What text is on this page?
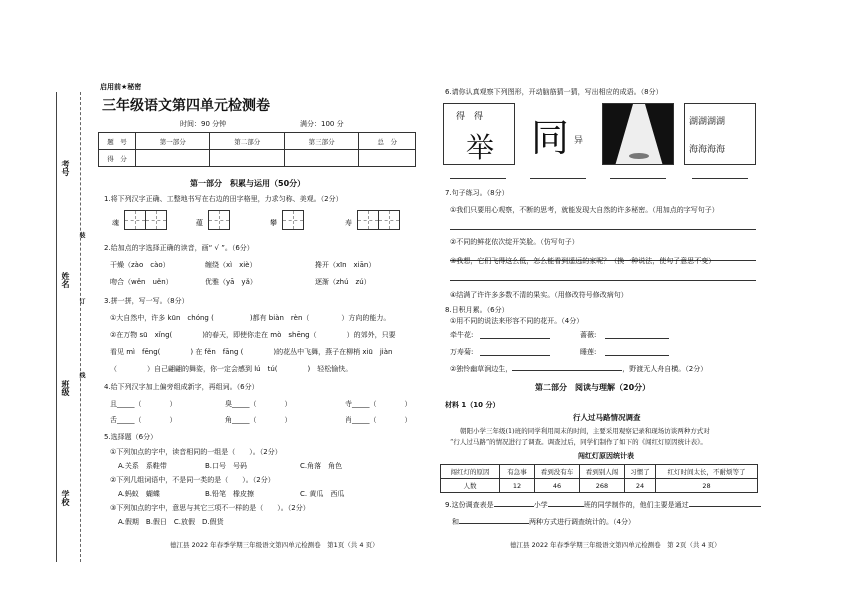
考号
姓名
班级
学校
装
订
线
启用前★秘密
三年级语文第四单元检测卷
时间：90 分钟	满分：100 分
题　号	第一部分	第二部分	第三部分	总　分
得　分				
第一部分　积累与运用（50分）
1.将下列汉字正确、工整地书写在右边的田字格里，力求匀称、美观。（2分）
魂	蕴	攀	寿
2.给加点的字选择正确的读音，画“ √ ”。（6分）
干燥（zào　cào）	缠绕（xì　xiè）	搀开（xīn　xiān）
吻合（wěn　uěn）	优雅（yā　yǎ）	逐渐（zhú　zú）
3.拼一拼，写一写。（8分）
①大自然中，许多 kūn　chóng (	)都有 biàn　rèn（	）方向的能力。
②在万物 sū　xǐng(	)的春天，即使你走在 mò　shēng（	）的郊外，只要
看见 mì　fēng(	) 在 fěn　fāng (	)的花丛中飞舞，燕子在柳梢 xiū　jiàn
（	）自己翩翩的舞姿，你一定会感到 lú　tú(	)　轻松愉快。
4.给下列汉字加上偏旁组成新字，再组词。（6分）
且_____（　　　　）	臭_____（　　　　）	寺_____（　　　　）
舌_____（　　　　）	角_____（　　　　）	肖_____（　　　　）
5.选择题（6分）
①下列加点的字中，读音相同的一组是（　　）。（2分）
A.关系　系鞋带	B.口号　号码	C.角落　角色
②下列几组词语中，不是同一类的是（　　）。（2分）
A.蚂蚁　蝴蝶	B.铅笔　橡皮擦	C. 黄瓜　西瓜
③下列加点的字中，意思与其它三项不一样的是（　　）。（2分）
A.假期　B.假日　C.放假　D.假货
德江县 2022 年春季学期三年级语文第四单元检测卷　第1页（共 4 页）
6.请你认真观察下列图形，开动脑筋猜一猜，写出相应的成语。（8分）
得　得
举 同 异
湖湖湖湖
海海海海
7.句子练习。（8分）
①我们只要用心观察，不断的思考，就能发现大自然的许多秘密。（用加点的字写句子）
②不同的鲜花依次绽开笑脸。（仿写句子）
③我想，它们飞得这么低，怎么能看到遥远的家呢？（换一种说法，使句子意思不变）
④结满了许许多多数不清的果实。（用修改符号修改病句）
8.日积月累。（6分）
①用不同的说法来形容不同的花开。（4分）
牵牛花:	蔷薇:
万寿菊:	睡莲:
②独怜幽草涧边生，	，野渡无人舟自横。（2分）
第二部分　阅读与理解（20分）
材料 1（10 分）
行人过马路情况调查
朝阳小学三年级(1)班的同学利用周末的时间，主要采用观察记录和现场访谈两种方式对
“行人过马路”的情况进行了调查。调查过后，同学们制作了如下的《闯红灯原因统计表》。
闯红灯原因统计表
闯红灯的原因	有急事	看到没有车	看到别人闯	习惯了	红灯时间太长，不耐烦等了
人数	12	46	268	24	28
9.这份调查表是	小学	班的同学制作的，他们主要是通过
和	两种方式进行调查统计的。（4分）
德江县 2022 年春季学期三年级语文第四单元检测卷　第 2页（共 4 页）
